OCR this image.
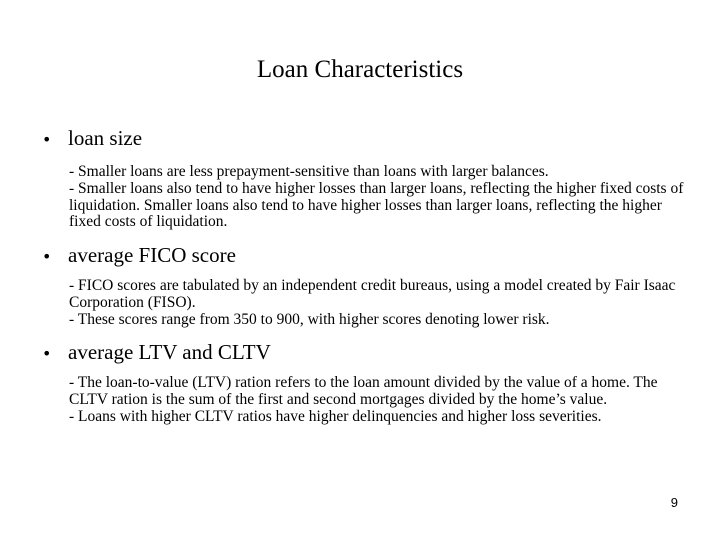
Loan Characteristics
• loan size

- Smaller loans are less prepayment-sensitive than loans with larger balances.

- Smaller loans also tend to have higher losses than larger loans, reflecting the higher fixed costs of liquidation. Smaller loans also tend to have higher losses than larger loans, reflecting the higher fixed costs of liquidation.

• average FICO score

- FICO scores are tabulated by an independent credit bureaus, using a model created by Fair Isaac Corporation (FISO).

- These scores range from 350 to 900, with higher scores denoting lower risk.

• average LTV and CLTV

- The loan-to-value (LTV) ration refers to the loan amount divided by the value of a home. The CLTV ration is the sum of the first and second mortgages divided by the home’s value.

- Loans with higher CLTV ratios have higher delinquencies and higher loss severities.

9
